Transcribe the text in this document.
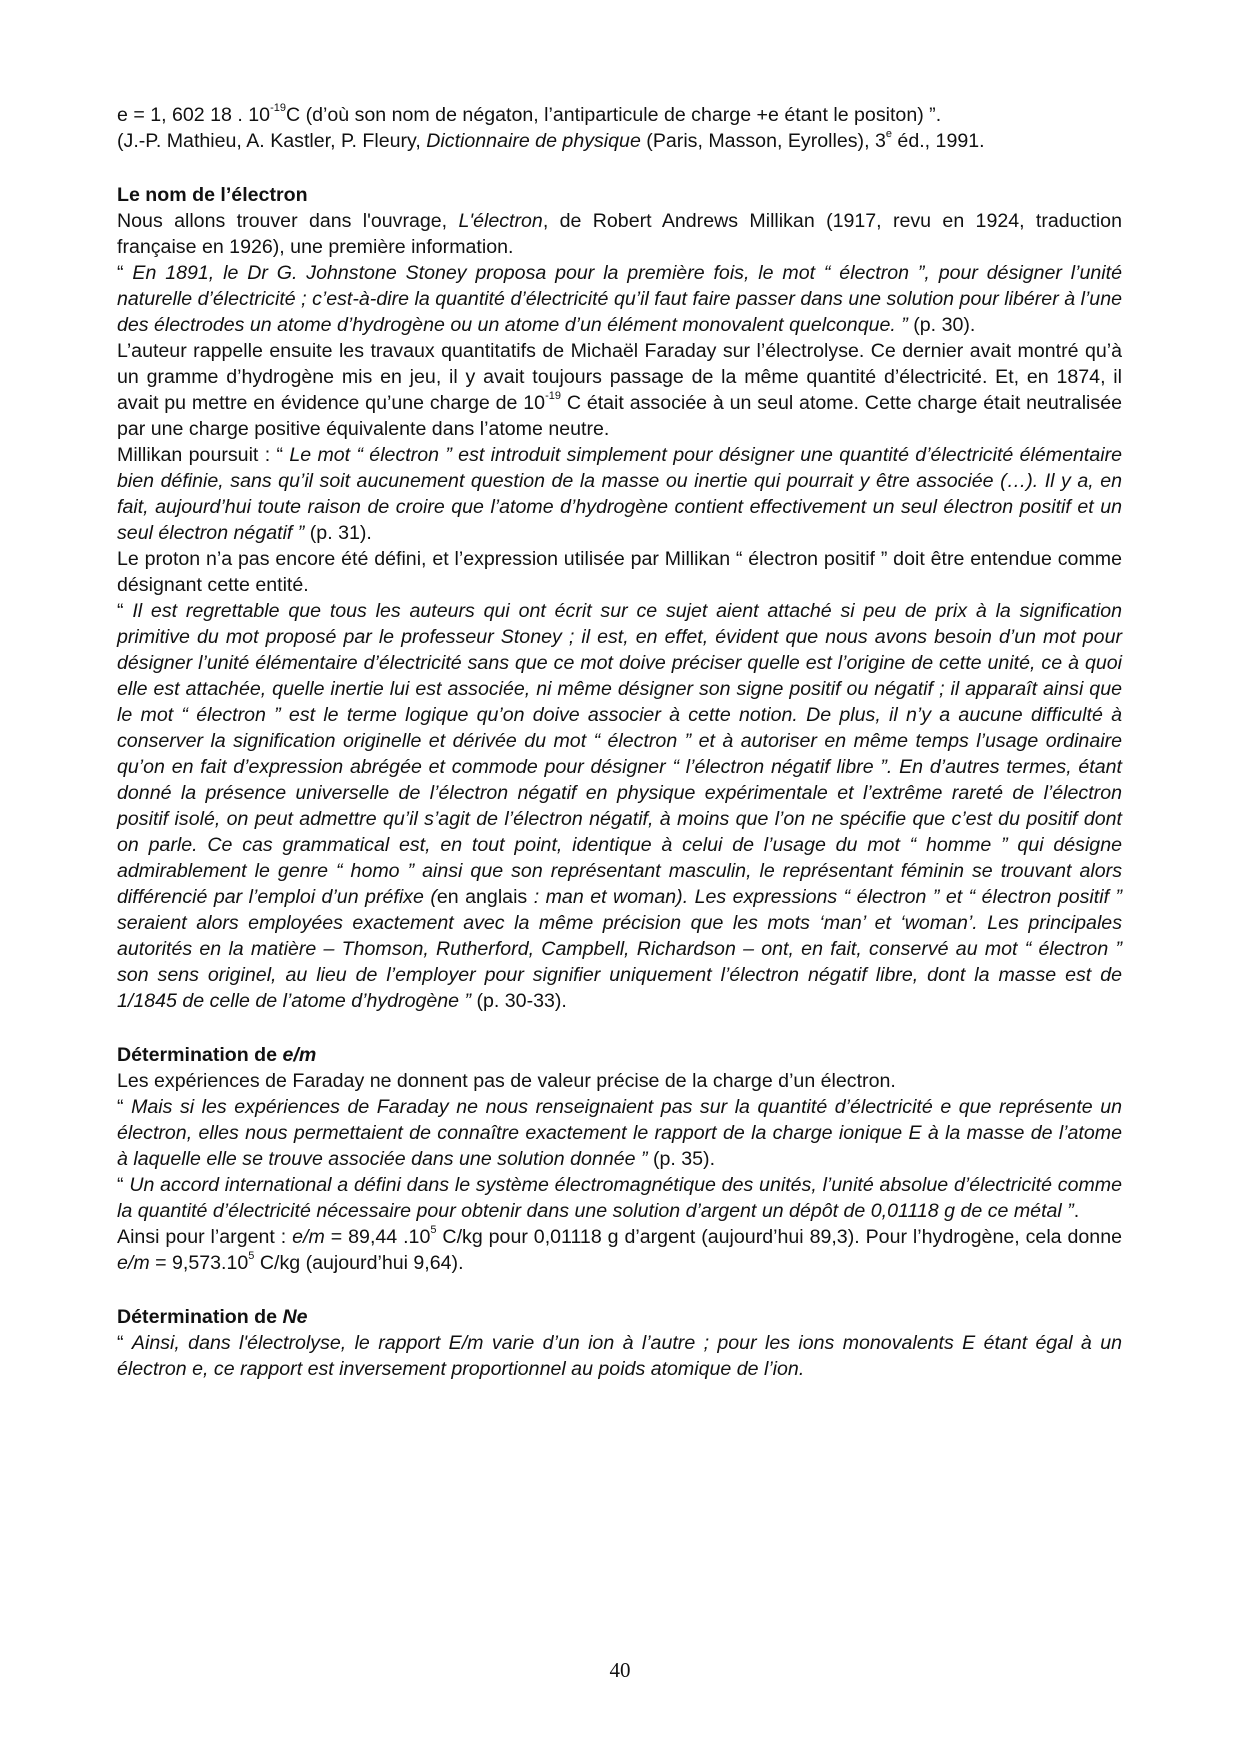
e = 1, 602 18 . $10^{-19}C$ (d’où son nom de négaton, l’antiparticule de charge +e étant le positon) ”.
(J.-P. Mathieu, A. Kastler, P. Fleury, Dictionnaire de physique (Paris, Masson, Eyrolles), 3e éd., 1991.

Le nom de l’électron

Nous allons trouver dans l'ouvrage, L'électron, de Robert Andrews Millikan (1917, revu en 1924, traduction française en 1926), une première information.

“ En 1891, le Dr G. Johnstone Stoney proposa pour la première fois, le mot “ électron ”, pour désigner l’unité naturelle d’électricité ; c’est-à-dire la quantité d’électricité qu’il faut faire passer dans une solution pour libérer à l’une des électrodes un atome d’hydrogène ou un atome d’un élément monovalent quelconque. ” (p. 30).

L’auteur rappelle ensuite les travaux quantitatifs de Michaël Faraday sur l’électrolyse. Ce dernier avait montré qu’à un gramme d’hydrogène mis en jeu, il y avait toujours passage de la même quantité d’électricité. Et, en 1874, il avait pu mettre en évidence qu’une charge de $10^{-19}$ C était associée à un seul atome. Cette charge était neutralisée par une charge positive équivalente dans l’atome neutre.

Millikan poursuit : “ Le mot “ électron ” est introduit simplement pour désigner une quantité d’électricité élémentaire bien définie, sans qu’il soit aucunement question de la masse ou inertie qui pourrait y être associée (…). Il y a, en fait, aujourd’hui toute raison de croire que l’atome d’hydrogène contient effectivement un seul électron positif et un seul électron négatif ” (p. 31).

Le proton n’a pas encore été défini, et l’expression utilisée par Millikan “ électron positif ” doit être entendue comme désignant cette entité.

“ Il est regrettable que tous les auteurs qui ont écrit sur ce sujet aient attaché si peu de prix à la signification primitive du mot proposé par le professeur Stoney ; il est, en effet, évident que nous avons besoin d’un mot pour désigner l’unité élémentaire d’électricité sans que ce mot doive préciser quelle est l’origine de cette unité, ce à quoi elle est attachée, quelle inertie lui est associée, ni même désigner son signe positif ou négatif ; il apparaît ainsi que le mot “ électron ” est le terme logique qu’on doive associer à cette notion. De plus, il n’y a aucune difficulté à conserver la signification originelle et dérivée du mot “ électron ” et à autoriser en même temps l’usage ordinaire qu’on en fait d’expression abrégée et commode pour désigner “ l’électron négatif libre ”. En d’autres termes, étant donné la présence universelle de l’électron négatif en physique expérimentale et l’extrême rareté de l’électron positif isolé, on peut admettre qu’il s’agit de l’électron négatif, à moins que l’on ne spécifie que c’est du positif dont on parle. Ce cas grammatical est, en tout point, identique à celui de l’usage du mot “ homme ” qui désigne admirablement le genre “ homo ” ainsi que son représentant masculin, le représentant féminin se trouvant alors différencié par l’emploi d’un préfixe (en anglais : man et woman). Les expressions “ électron ” et “ électron positif ” seraient alors employées exactement avec la même précision que les mots ‘man’ et ‘woman’. Les principales autorités en la matière – Thomson, Rutherford, Campbell, Richardson – ont, en fait, conservé au mot “ électron ” son sens originel, au lieu de l’employer pour signifier uniquement l’électron négatif libre, dont la masse est de 1/1845 de celle de l’atome d’hydrogène ” (p. 30-33).

Détermination de e/m

Les expériences de Faraday ne donnent pas de valeur précise de la charge d’un électron.

“ Mais si les expériences de Faraday ne nous renseignaient pas sur la quantité d’électricité e que représente un électron, elles nous permettaient de connaître exactement le rapport de la charge ionique E à la masse de l’atome à laquelle elle se trouve associée dans une solution donnée ” (p. 35).

“ Un accord international a défini dans le système électromagnétique des unités, l’unité absolue d’électricité comme la quantité d’électricité nécessaire pour obtenir dans une solution d’argent un dépôt de 0,01118 g de ce métal ”.

Ainsi pour l’argent : e/m = 89,44 $.10^5$ C/kg pour 0,01118 g d’argent (aujourd’hui 89,3). Pour l’hydrogène, cela donne $e/m = 9,573.10^5$ C/kg (aujourd’hui 9,64).

Détermination de Ne

“ Ainsi, dans l'électrolyse, le rapport E/m varie d’un ion à l’autre ; pour les ions monovalents E étant égal à un électron e, ce rapport est inversement proportionnel au poids atomique de l’ion.

40
